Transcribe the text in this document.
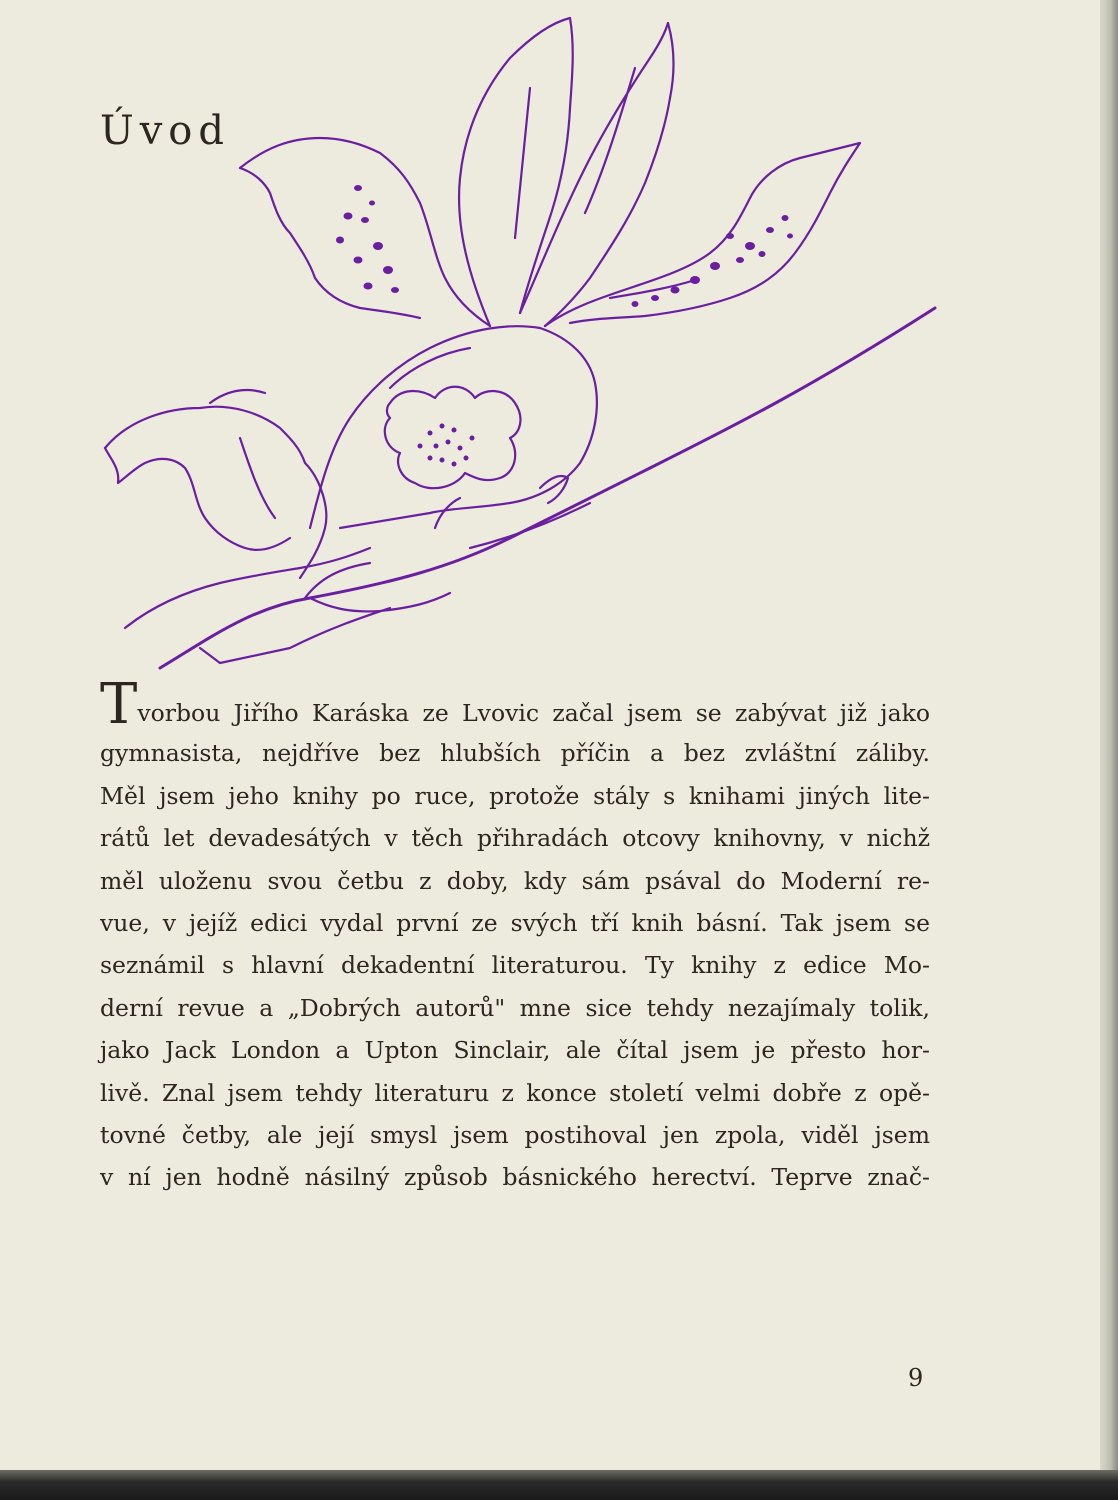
Úvod
Tvorbou Jiřího Karáska ze Lvovic začal jsem se zabývat již jako
gymnasista, nejdříve bez hlubších příčin a bez zvláštní záliby.
Měl jsem jeho knihy po ruce, protože stály s knihami jiných lite-
rátů let devadesátých v těch přihradách otcovy knihovny, v nichž
měl uloženu svou četbu z doby, kdy sám psával do Moderní re-
vue, v jejíž edici vydal první ze svých tří knih básní. Tak jsem se
seznámil s hlavní dekadentní literaturou. Ty knihy z edice Mo-
derní revue a „Dobrých autorů" mne sice tehdy nezajímaly tolik,
jako Jack London a Upton Sinclair, ale čítal jsem je přesto hor-
livě. Znal jsem tehdy literaturu z konce století velmi dobře z opě-
tovné četby, ale její smysl jsem postihoval jen zpola, viděl jsem
v ní jen hodně násilný způsob básnického herectví. Teprve znač-
9
